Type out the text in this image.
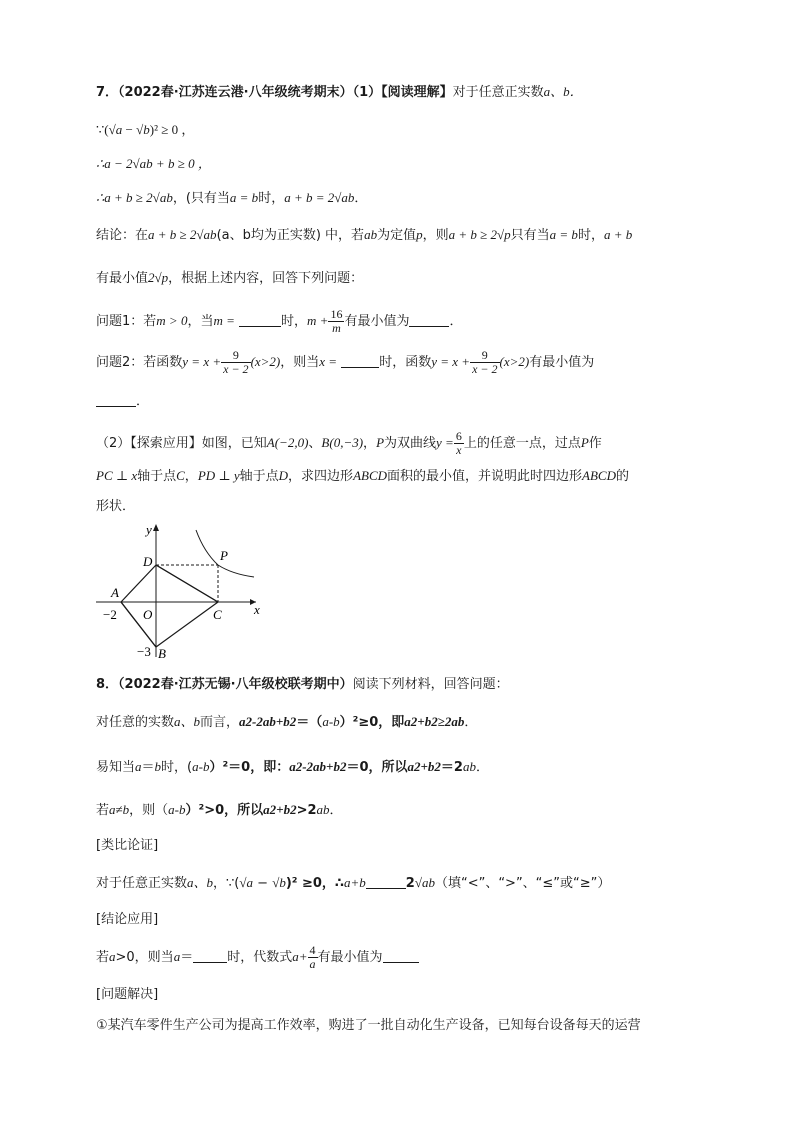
7．（2022春·江苏连云港·八年级统考期末）（1）【阅读理解】对于任意正实数a、b．
∵(√a − √b)² ≥ 0 ，
∴a − 2√ab + b ≥ 0 ，
∴a + b ≥ 2√ab，(只有当a = b时，a + b = 2√ab．
结论：在a + b ≥ 2√ab(a、b均为正实数) 中，若ab为定值p，则a + b ≥ 2√p只有当a = b时，a + b
有最小值2√p，根据上述内容，回答下列问题：
问题1：若m > 0，当m =	时，$m + \frac{16}{m}$ 有最小值为	．
问题2：若函数$y = x + \frac{9}{x - 2} (x>2)$，则当x =	时，函数$y = x + \frac{9}{x - 2} (x>2)$有最小值为
．
（2）【探索应用】如图，已知A(−2,0)、B(0,−3)，P为双曲线$y = \frac{6}{x}$ 上的任意一点，过点P作
PC ⊥ x轴于点C，PD ⊥ y轴于点D，求四边形ABCD面积的最小值，并说明此时四边形ABCD的
形状．
y
x
D	P
A
O	C
B
−2
−3
8．（2022春·江苏无锡·八年级校联考期中）阅读下列材料，回答问题：
对任意的实数a、b而言，a2-2ab+b2＝（a-b）²≥0，即a2+b2≥2ab．
易知当a＝b时，(a-b）²＝0，即：a2-2ab+b2＝0，所以a2+b2＝2ab．
若a≠b，则（a-b）²>0，所以a2+b2>2ab．
[类比论证]
对于任意正实数a、b，∵(√a − √b)² ≥0，∴a+b	2√ab（填“<”、“>”、“≤”或“≥”）
[结论应用]
若a>0，则当a＝	时，代数式$a+ \frac{4}{a}$ 有最小值为
[问题解决]
①某汽车零件生产公司为提高工作效率，购进了一批自动化生产设备，已知每台设备每天的运营
